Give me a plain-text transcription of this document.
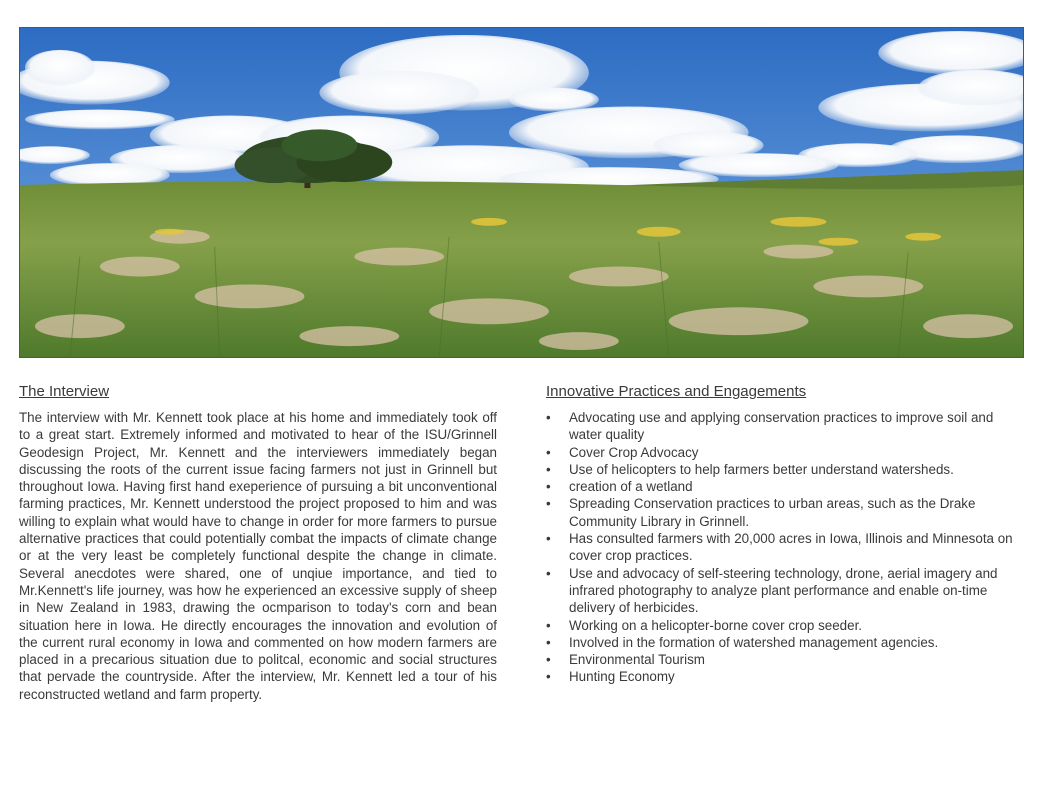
The Interview

The interview with Mr. Kennett took place at his home and immediately took off to a great start. Extremely informed and motivated to hear of the ISU/Grinnell Geodesign Project, Mr. Kennett and the interviewers immediately began discussing the roots of the current issue facing farmers not just in Grinnell but throughout Iowa. Having first hand exeperience of pursuing a bit unconventional farming practices, Mr. Kennett understood the project proposed to him and was willing to explain what would have to change in order for more farmers to pursue alternative practices that could potentially combat the impacts of climate change or at the very least be completely functional despite the change in climate. Several anecdotes were shared, one of unqiue importance, and tied to Mr.Kennett's life journey, was how he experienced an excessive supply of sheep in New Zealand in 1983, drawing the ocmparison to today's corn and bean situation here in Iowa. He directly encourages the innovation and evolution of the current rural economy in Iowa and commented on how modern farmers are placed in a precarious situation due to politcal, economic and social structures that pervade the countryside. After the interview, Mr. Kennett led a tour of his reconstructed wetland and farm property.

Innovative Practices and Engagements
• Advocating use and applying conservation practices to improve soil and water quality
• Cover Crop Advocacy
• Use of helicopters to help farmers better understand watersheds.
• creation of a wetland
• Spreading Conservation practices to urban areas, such as the Drake Community Library in Grinnell.
• Has consulted farmers with 20,000 acres in Iowa, Illinois and Minnesota on cover crop practices.
• Use and advocacy of self-steering technology, drone, aerial imagery and infrared photography to analyze plant performance and enable on-time delivery of herbicides.
• Working on a helicopter-borne cover crop seeder.
• Involved in the formation of watershed management agencies.
• Environmental Tourism
• Hunting Economy
